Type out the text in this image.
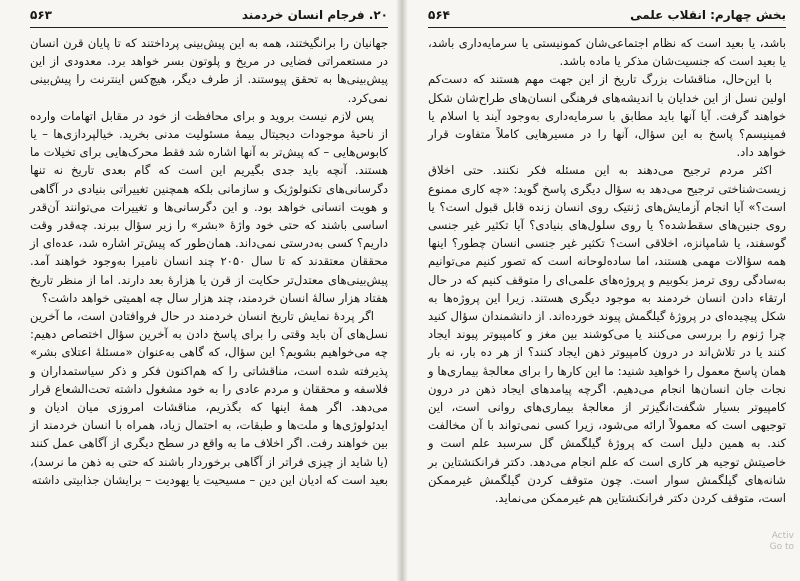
۲۰. فرجام انسان خردمند
۵۶۳

جهانیان را برانگیختند، همه به این پیش‌بینی پرداختند که تا پایان قرن انسان در مستعمراتی فضایی در مریخ و پلوتون بسر خواهد برد. معدودی از این پیش‌بینی‌ها به تحقق پیوستند. از طرف دیگر، هیچ‌کس اینترنت را پیش‌بینی نمی‌کرد.

پس لازم نیست بروید و برای محافظت از خود در مقابل اتهامات وارده از ناحیهٔ موجودات دیجیتال بیمهٔ مسئولیت مدنی بخرید. خیالپردازی‌ها – یا کابوس‌هایی – که پیش‌تر به آنها اشاره شد فقط محرک‌هایی برای تخیلات ما هستند. آنچه باید جدی بگیریم این است که گام بعدی تاریخ نه تنها دگرسانی‌های تکنولوژیک و سازمانی بلکه همچنین تغییراتی بنیادی در آگاهی و هویت انسانی خواهد بود. و این دگرسانی‌ها و تغییرات می‌توانند آن‌قدر اساسی باشند که حتی خود واژهٔ «بشر» را زیر سؤال ببرند. چه‌قدر وقت داریم؟ کسی به‌درستی نمی‌داند. همان‌طور که پیش‌تر اشاره شد، عده‌ای از محققان معتقدند که تا سال ۲۰۵۰ چند انسان نامیرا به‌وجود خواهند آمد. پیش‌بینی‌های معتدل‌تر حکایت از قرن یا هزارهٔ بعد دارند. اما از منظر تاریخ هفتاد هزار سالهٔ انسان خردمند، چند هزار سال چه اهمیتی خواهد داشت؟

اگر پردهٔ نمایش تاریخ انسان خردمند در حال فروافتادن است، ما آخرین نسل‌های آن باید وقتی را برای پاسخ دادن به آخرین سؤال اختصاص دهیم: چه می‌خواهیم بشویم؟ این سؤال، که گاهی به‌عنوان «مسئلهٔ اعتلای بشر» پذیرفته شده است، مناقشاتی را که هم‌اکنون فکر و ذکر سیاستمداران و فلاسفه و محققان و مردم عادی را به خود مشغول داشته تحت‌الشعاع قرار می‌دهد. اگر همهٔ اینها که بگذریم، مناقشات امروزی میان ادیان و ایدئولوژی‌ها و ملت‌ها و طبقات، به احتمال زیاد، همراه با انسان خردمند از بین خواهند رفت. اگر اخلاف ما به واقع در سطح دیگری از آگاهی عمل کنند (یا شاید از چیزی فراتر از آگاهی برخوردار باشند که حتی به ذهن ما نرسد)، بعید است که ادیان این دین – مسیحیت یا یهودیت – برایشان جذابیتی داشته

بخش چهارم: انقلاب علمی
۵۶۴

باشد، یا بعید است که نظام اجتماعی‌شان کمونیستی یا سرمایه‌داری باشد، یا بعید است که جنسیت‌شان مذکر یا ماده باشد.

با این‌حال، مناقشات بزرگ تاریخ از این جهت مهم هستند که دست‌کم اولین نسل از این خدایان با اندیشه‌های فرهنگی انسان‌های طراح‌شان شکل خواهند گرفت. آیا آنها باید مطابق با سرمایه‌داری به‌وجود آیند یا اسلام یا فمینیسم؟ پاسخ به این سؤال، آنها را در مسیرهایی کاملاً متفاوت قرار خواهد داد.

اکثر مردم ترجیح می‌دهند به این مسئله فکر نکنند. حتی اخلاق زیست‌شناختی ترجیح می‌دهد به سؤال دیگری پاسخ گوید: «چه کاری ممنوع است؟» آیا انجام آزمایش‌های ژنتیک روی انسان زنده قابل قبول است؟ یا روی جنین‌های سقط‌شده؟ یا روی سلول‌های بنیادی؟ آیا تکثیر غیر جنسی گوسفند، یا شامپانزه، اخلاقی است؟ تکثیر غیر جنسی انسان چطور؟ اینها همه سؤالات مهمی هستند، اما ساده‌لوحانه است که تصور کنیم می‌توانیم به‌سادگی روی ترمز بکوبیم و پروژه‌های علمی‌ای را متوقف کنیم که در حال ارتقاء دادن انسان خردمند به موجود دیگری هستند. زیرا این پروژه‌ها به شکل پیچیده‌ای در پروژهٔ گیلگمش پیوند خورده‌اند. از دانشمندان سؤال کنید چرا ژنوم را بررسی می‌کنند یا می‌کوشند بین مغز و کامپیوتر پیوند ایجاد کنند یا در تلاش‌اند در درون کامپیوتر ذهن ایجاد کنند؟ از هر ده بار، نه بار همان پاسخ معمول را خواهید شنید: ما این کارها را برای معالجهٔ بیماری‌ها و نجات جان انسان‌ها انجام می‌دهیم. اگرچه پیامدهای ایجاد ذهن در درون کامپیوتر بسیار شگفت‌انگیزتر از معالجهٔ بیماری‌های روانی است، این توجیهی است که معمولاً ارائه می‌شود، زیرا کسی نمی‌تواند با آن مخالفت کند. به همین دلیل است که پروژهٔ گیلگمش گل سرسبد علم است و خاصیتش توجیه هر کاری است که علم انجام می‌دهد. دکتر فرانکنشتاین بر شانه‌های گیلگمش سوار است. چون متوقف کردن گیلگمش غیرممکن است، متوقف کردن دکتر فرانکنشتاین هم غیرممکن می‌نماید.

Activ
Go to
